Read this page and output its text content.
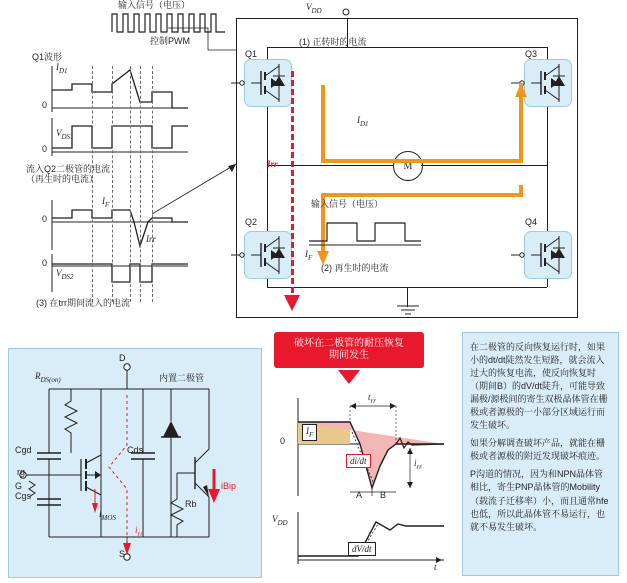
输入信号（电压）
控制PWM
Q1波形
$I_{D1}$
0
$V_{DS1}$
0
流入Q2二极管的电流
（再生时的电流）
$I_F$
0
Irr
$V_{DS2}$
0
(3) 在trr期间流入的电流
M
Irr
Q1	Q3
Q2	Q4
(1) 正转时的电流
$I_{D1}$
输入信号（电压）
$I_F$
(2) 再生时的电流
$V_{DD}$
D
S
G
$R_{DS(on)}$	内置二极管
Cgd
Cgs
Cds
rg
Rb
$i_{MOS}$
iBip
$i_{rr}$
破坏在二极管的耐压恢复
期间发生
0
$t_{rr}$
$I_F$
di/dt	$i_{rr}$
A B
$V_{DD}$
dV/dt
t
在二极管的反向恢复运行时，如果小的dt/dt陡然发生短路，就会流入过大的恢复电流，使反向恢复时（期间B）的dV/dt陡升，可能导致漏极/源极间的寄生双极晶体管在栅极或者源极的一小部分区域运行而发生破坏。
如果分解调查破坏产品，就能在栅极或者源极的附近发现破坏痕迹。
P沟道的情况，因为和NPN晶体管相比，寄生PNP晶体管的Mobility（载流子迁移率）小，而且通常hfe也低，所以此晶体管不易运行，也就不易发生破坏。
